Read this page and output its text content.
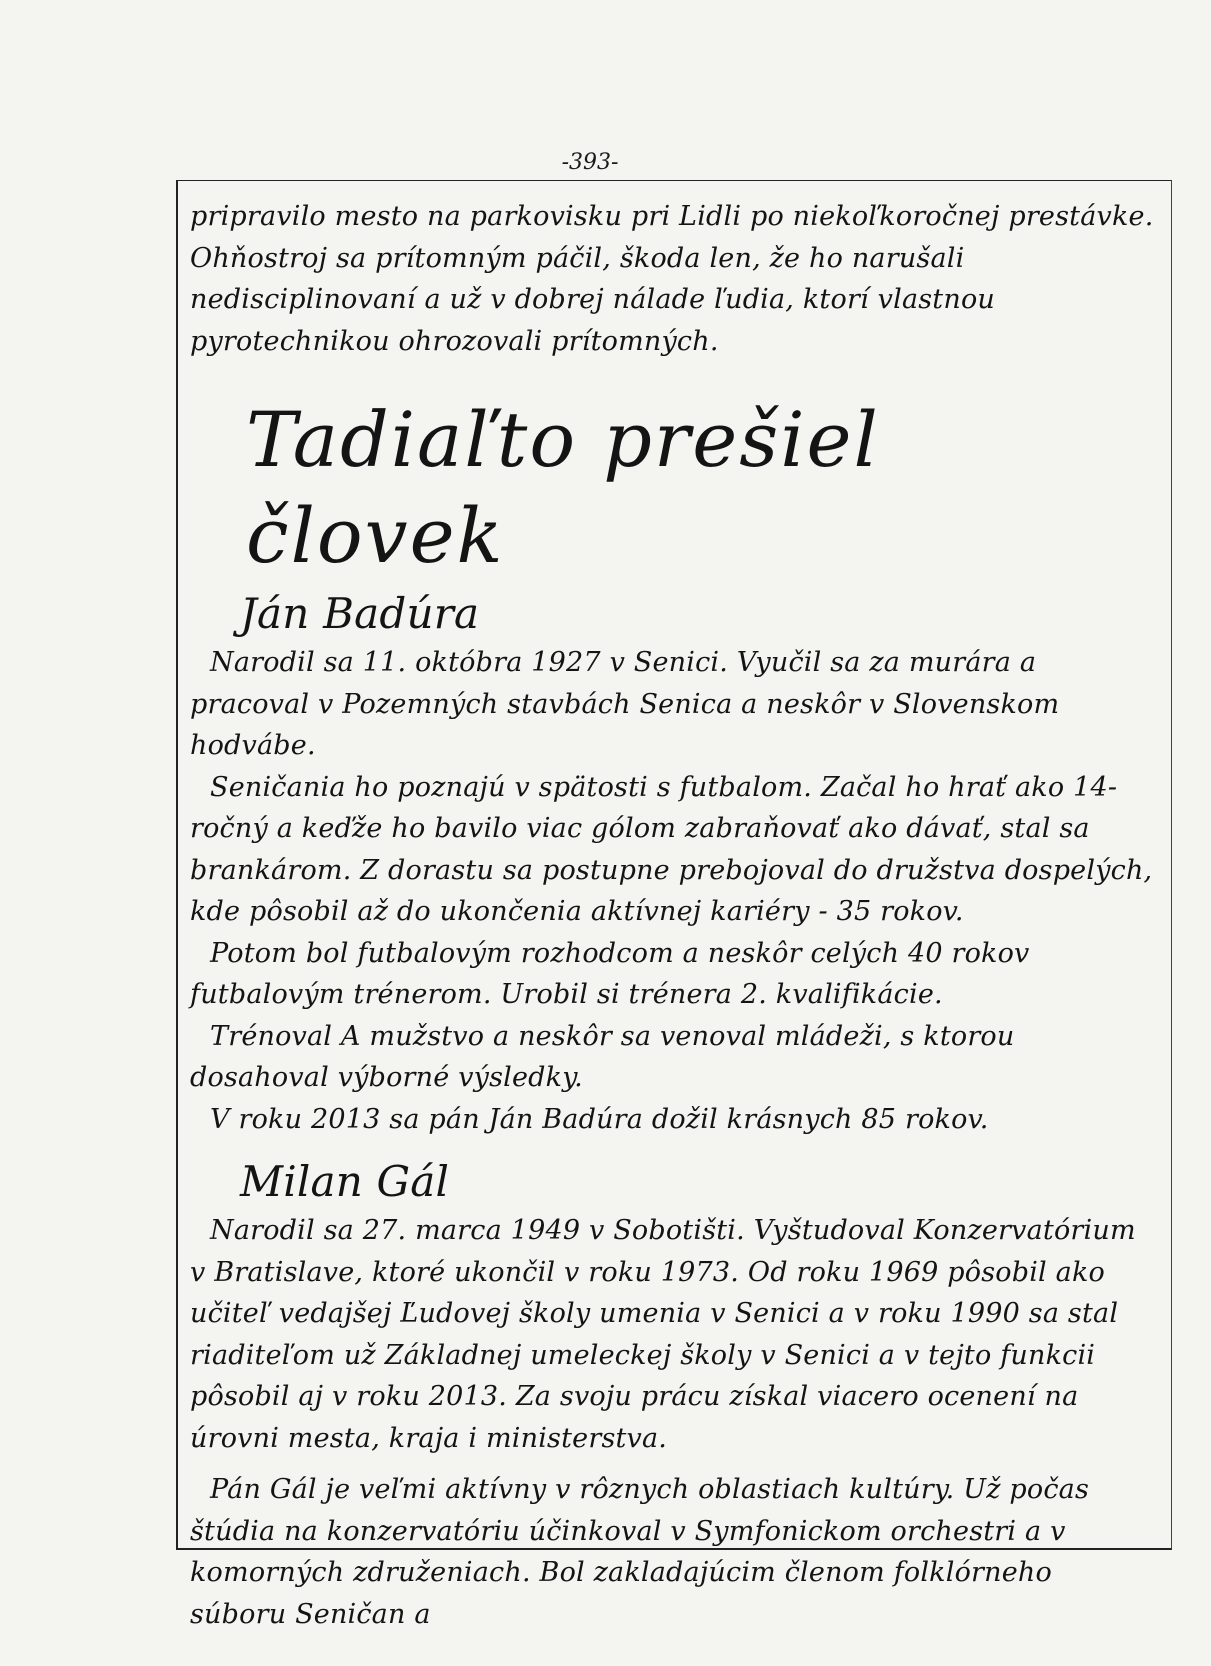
-393-

pripravilo mesto na parkovisku pri Lidli po niekoľkoročnej prestávke. Ohňostroj sa prítomným páčil, škoda len, že ho narušali nedisciplinovaní a už v dobrej nálade ľudia, ktorí vlastnou pyrotechnikou ohrozovali prítomných.

Tadiaľto prešiel človek

Ján Badúra

Narodil sa 11. októbra 1927 v Senici. Vyučil sa za murára a pracoval v Pozemných stavbách Senica a neskôr v Slovenskom hodvábe.

Seničania ho poznajú v spätosti s futbalom. Začal ho hrať ako 14-ročný a keďže ho bavilo viac gólom zabraňovať ako dávať, stal sa brankárom. Z dorastu sa postupne prebojoval do družstva dospelých, kde pôsobil až do ukončenia aktívnej kariéry - 35 rokov.

Potom bol futbalovým rozhodcom a neskôr celých 40 rokov futbalovým trénerom. Urobil si trénera 2. kvalifikácie.

Trénoval A mužstvo a neskôr sa venoval mládeži, s ktorou dosahoval výborné výsledky.

V roku 2013 sa pán Ján Badúra dožil krásnych 85 rokov.

Milan Gál

Narodil sa 27. marca 1949 v Sobotišti. Vyštudoval Konzervatórium v Bratislave, ktoré ukončil v roku 1973. Od roku 1969 pôsobil ako učiteľ vedajšej Ľudovej školy umenia v Senici a v roku 1990 sa stal riaditeľom už Základnej umeleckej školy v Senici a v tejto funkcii pôsobil aj v roku 2013. Za svoju prácu získal viacero ocenení na úrovni mesta, kraja i ministerstva.

Pán Gál je veľmi aktívny v rôznych oblastiach kultúry. Už počas štúdia na konzervatóriu účinkoval v Symfonickom orchestri a v komorných združeniach. Bol zakladajúcim členom folklórneho súboru Seničan a
